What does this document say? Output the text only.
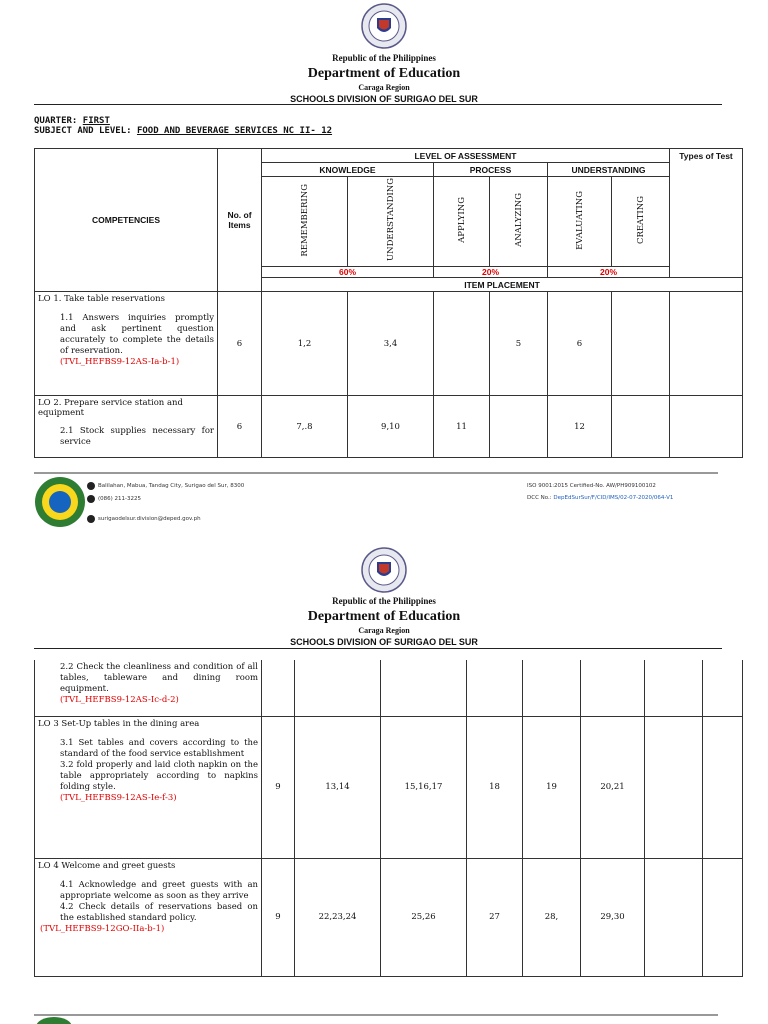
Republic of the Philippines
Department of Education
Caraga Region
SCHOOLS DIVISION OF SURIGAO DEL SUR
QUARTER: FIRST
SUBJECT AND LEVEL: FOOD AND BEVERAGE SERVICES NC II- 12
COMPETENCIES	No. of Items	LEVEL OF ASSESSMENT						Types of Test
		KNOWLEDGE		PROCESS		UNDERSTANDING		
		REMEMBERING	UNDERSTANDING	APPLYING	ANALYZING	EVALUATING	CREATING	
		60%		20%		20%		
		ITEM PLACEMENT						

LO 1. Take table reservations
1.1 Answers inquiries promptly and ask pertinent question accurately to complete the details of reservation.
(TVL_HEFBS9-12AS-Ia-b-1)	6	1,2	3,4		5	6		

LO 2. Prepare service station and equipment
2.1 Stock supplies necessary for service	6	7,.8	9,10	11		12		
Balilahan, Mabua, Tandag City, Surigao del Sur, 8300
(086) 211-3225
surigaodelsur.division@deped.gov.ph
ISO 9001:2015 Certified-No. AW/PH909100102
DCC No.: DepEdSurSur/F/CID/IMS/02-07-2020/064-V1
Republic of the Philippines
Department of Education
Caraga Region
SCHOOLS DIVISION OF SURIGAO DEL SUR
2.2 Check the cleanliness and condition of all tables, tableware and dining room equipment.
(TVL_HEFBS9-12AS-Ic-d-2)								

LO 3 Set-Up tables in the dining area
3.1 Set tables and covers according to the standard of the food service establishment
3.2 fold properly and laid cloth napkin on the table appropriately according to napkins folding style.
(TVL_HEFBS9-12AS-Ie-f-3)	9	13,14	15,16,17	18	19	20,21		

LO 4 Welcome and greet guests
4.1 Acknowledge and greet guests with an appropriate welcome as soon as they arrive
4.2 Check details of reservations based on the established standard policy.
(TVL_HEFBS9-12GO-IIa-b-1)	9	22,23,24	25,26	27	28,	29,30		
